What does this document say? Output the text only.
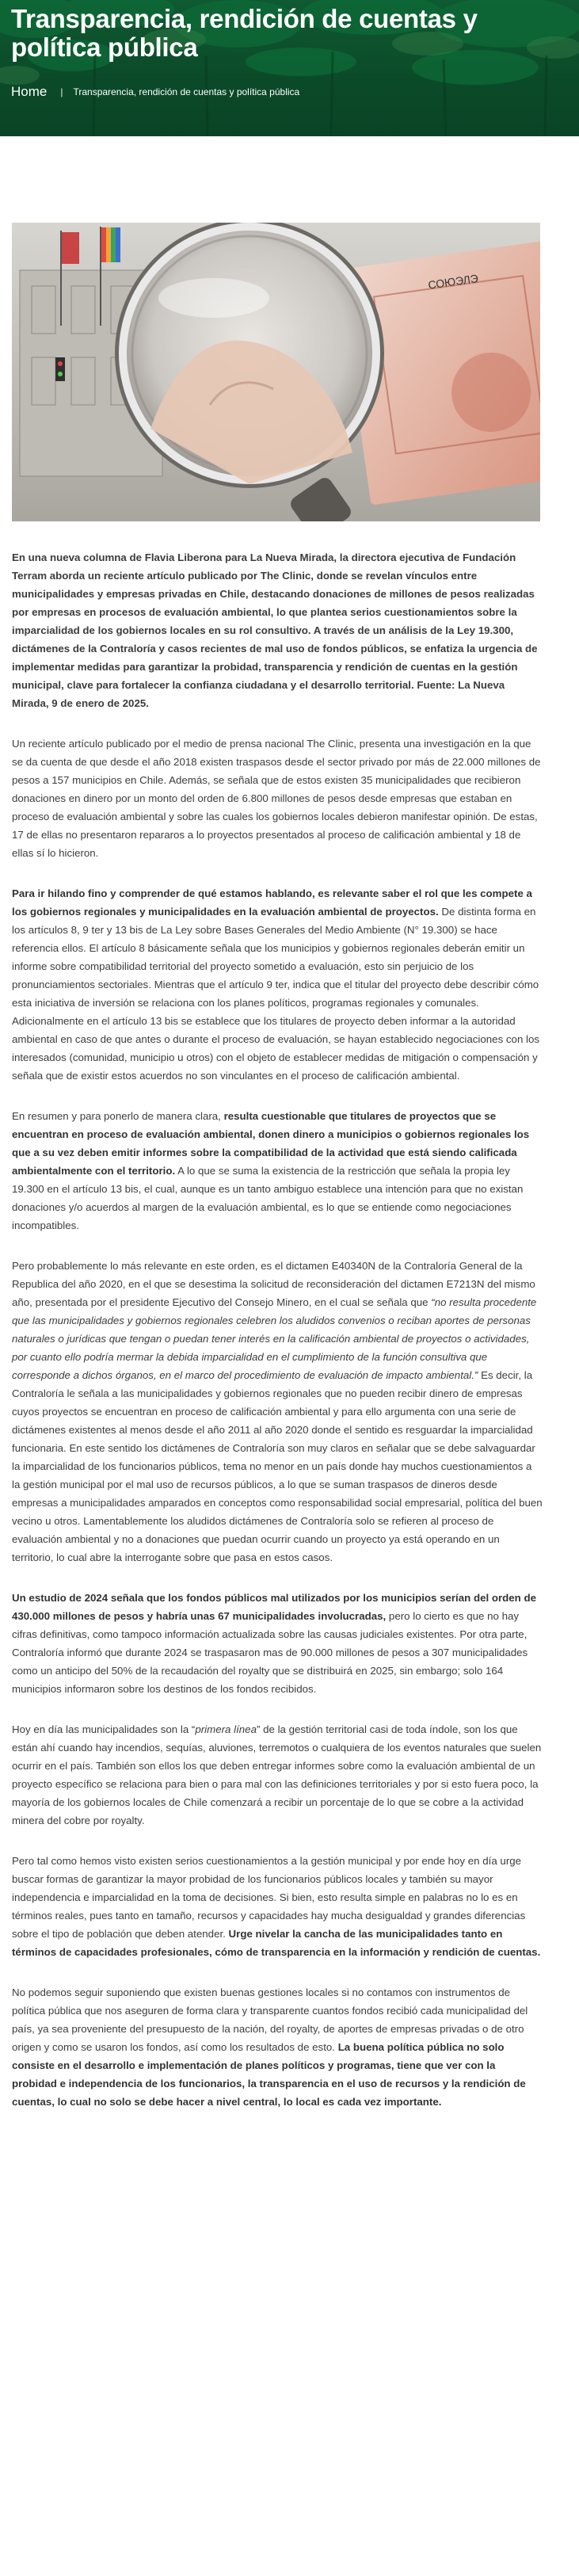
Transparencia, rendición de cuentas y política pública
Home | Transparencia, rendición de cuentas y política pública
СОЮЭЛЭ

En una nueva columna de Flavia Liberona para La Nueva Mirada, la directora ejecutiva de Fundación Terram aborda un reciente artículo publicado por The Clinic, donde se revelan vínculos entre municipalidades y empresas privadas en Chile, destacando donaciones de millones de pesos realizadas por empresas en procesos de evaluación ambiental, lo que plantea serios cuestionamientos sobre la imparcialidad de los gobiernos locales en su rol consultivo. A través de un análisis de la Ley 19.300, dictámenes de la Contraloría y casos recientes de mal uso de fondos públicos, se enfatiza la urgencia de implementar medidas para garantizar la probidad, transparencia y rendición de cuentas en la gestión municipal, clave para fortalecer la confianza ciudadana y el desarrollo territorial. Fuente: La Nueva Mirada, 9 de enero de 2025.

Un reciente artículo publicado por el medio de prensa nacional The Clinic, presenta una investigación en la que se da cuenta de que desde el año 2018 existen traspasos desde el sector privado por más de 22.000 millones de pesos a 157 municipios en Chile. Además, se señala que de estos existen 35 municipalidades que recibieron donaciones en dinero por un monto del orden de 6.800 millones de pesos desde empresas que estaban en proceso de evaluación ambiental y sobre las cuales los gobiernos locales debieron manifestar opinión. De estas, 17 de ellas no presentaron repararos a lo proyectos presentados al proceso de calificación ambiental y 18 de ellas sí lo hicieron.

Para ir hilando fino y comprender de qué estamos hablando, es relevante saber el rol que les compete a los gobiernos regionales y municipalidades en la evaluación ambiental de proyectos. De distinta forma en los artículos 8, 9 ter y 13 bis de La Ley sobre Bases Generales del Medio Ambiente (N° 19.300) se hace referencia ellos. El artículo 8 básicamente señala que los municipios y gobiernos regionales deberán emitir un informe sobre compatibilidad territorial del proyecto sometido a evaluación, esto sin perjuicio de los pronunciamientos sectoriales. Mientras que el artículo 9 ter, indica que el titular del proyecto debe describir cómo esta iniciativa de inversión se relaciona con los planes políticos, programas regionales y comunales. Adicionalmente en el artículo 13 bis se establece que los titulares de proyecto deben informar a la autoridad ambiental en caso de que antes o durante el proceso de evaluación, se hayan establecido negociaciones con los interesados (comunidad, municipio u otros) con el objeto de establecer medidas de mitigación o compensación y señala que de existir estos acuerdos no son vinculantes en el proceso de calificación ambiental.

En resumen y para ponerlo de manera clara, resulta cuestionable que titulares de proyectos que se encuentran en proceso de evaluación ambiental, donen dinero a municipios o gobiernos regionales los que a su vez deben emitir informes sobre la compatibilidad de la actividad que está siendo calificada ambientalmente con el territorio. A lo que se suma la existencia de la restricción que señala la propia ley 19.300 en el artículo 13 bis, el cual, aunque es un tanto ambiguo establece una intención para que no existan donaciones y/o acuerdos al margen de la evaluación ambiental, es lo que se entiende como negociaciones incompatibles.

Pero probablemente lo más relevante en este orden, es el dictamen E40340N de la Contraloría General de la Republica del año 2020, en el que se desestima la solicitud de reconsideración del dictamen E7213N del mismo año, presentada por el presidente Ejecutivo del Consejo Minero, en el cual se señala que “no resulta procedente que las municipalidades y gobiernos regionales celebren los aludidos convenios o reciban aportes de personas naturales o jurídicas que tengan o puedan tener interés en la calificación ambiental de proyectos o actividades, por cuanto ello podría mermar la debida imparcialidad en el cumplimiento de la función consultiva que corresponde a dichos órganos, en el marco del procedimiento de evaluación de impacto ambiental.” Es decir, la Contraloría le señala a las municipalidades y gobiernos regionales que no pueden recibir dinero de empresas cuyos proyectos se encuentran en proceso de calificación ambiental y para ello argumenta con una serie de dictámenes existentes al menos desde el año 2011 al año 2020 donde el sentido es resguardar la imparcialidad funcionaria. En este sentido los dictámenes de Contraloría son muy claros en señalar que se debe salvaguardar la imparcialidad de los funcionarios públicos, tema no menor en un país donde hay muchos cuestionamientos a la gestión municipal por el mal uso de recursos públicos, a lo que se suman traspasos de dineros desde empresas a municipalidades amparados en conceptos como responsabilidad social empresarial, política del buen vecino u otros. Lamentablemente los aludidos dictámenes de Contraloría solo se refieren al proceso de evaluación ambiental y no a donaciones que puedan ocurrir cuando un proyecto ya está operando en un territorio, lo cual abre la interrogante sobre que pasa en estos casos.

Un estudio de 2024 señala que los fondos públicos mal utilizados por los municipios serían del orden de 430.000 millones de pesos y habría unas 67 municipalidades involucradas, pero lo cierto es que no hay cifras definitivas, como tampoco información actualizada sobre las causas judiciales existentes. Por otra parte, Contraloría informó que durante 2024 se traspasaron mas de 90.000 millones de pesos a 307 municipalidades como un anticipo del 50% de la recaudación del royalty que se distribuirá en 2025, sin embargo; solo 164 municipios informaron sobre los destinos de los fondos recibidos.

Hoy en día las municipalidades son la “primera línea” de la gestión territorial casi de toda índole, son los que están ahí cuando hay incendios, sequías, aluviones, terremotos o cualquiera de los eventos naturales que suelen ocurrir en el país. También son ellos los que deben entregar informes sobre como la evaluación ambiental de un proyecto específico se relaciona para bien o para mal con las definiciones territoriales y por si esto fuera poco, la mayoría de los gobiernos locales de Chile comenzará a recibir un porcentaje de lo que se cobre a la actividad minera del cobre por royalty.

Pero tal como hemos visto existen serios cuestionamientos a la gestión municipal y por ende hoy en día urge buscar formas de garantizar la mayor probidad de los funcionarios públicos locales y también su mayor independencia e imparcialidad en la toma de decisiones. Si bien, esto resulta simple en palabras no lo es en términos reales, pues tanto en tamaño, recursos y capacidades hay mucha desigualdad y grandes diferencias sobre el tipo de población que deben atender. Urge nivelar la cancha de las municipalidades tanto en términos de capacidades profesionales, cómo de transparencia en la información y rendición de cuentas.

No podemos seguir suponiendo que existen buenas gestiones locales si no contamos con instrumentos de política pública que nos aseguren de forma clara y transparente cuantos fondos recibió cada municipalidad del país, ya sea proveniente del presupuesto de la nación, del royalty, de aportes de empresas privadas o de otro origen y como se usaron los fondos, así como los resultados de esto. La buena política pública no solo consiste en el desarrollo e implementación de planes políticos y programas, tiene que ver con la probidad e independencia de los funcionarios, la transparencia en el uso de recursos y la rendición de cuentas, lo cual no solo se debe hacer a nivel central, lo local es cada vez importante.
